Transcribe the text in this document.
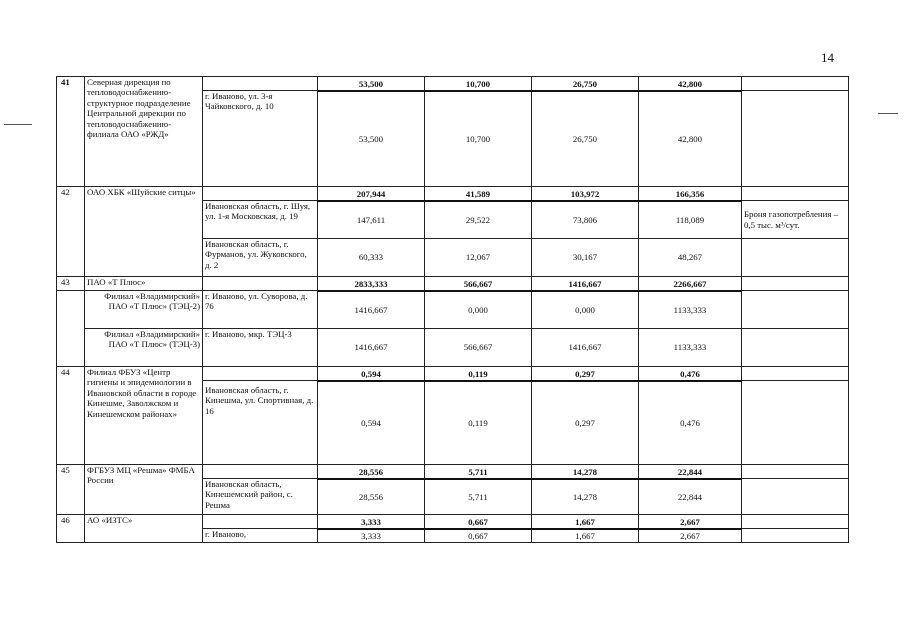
14
41	Северная дирекция по тепловодоснабжению-структурное подразделение Центральной дирекции по тепловодоснабжению-филиала ОАО «РЖД»		53,500	10,700	26,750	42,800	
		г. Иваново, ул. 3-я Чайковского, д. 10	53,500	10,700	26,750	42,800	
42	ОАО ХБК «Шуйские ситцы»		207,944	41,589	103,972	166,356	
		Ивановская область, г. Шуя, ул. 1-я Московская, д. 19	147,611	29,522	73,806	118,089	Броня газопотребления – 0,5 тыс. м³/сут.
		Ивановская область, г. Фурманов, ул. Жуковского, д. 2	60,333	12,067	30,167	48,267	
43	ПАО «Т Плюс»		2833,333	566,667	1416,667	2266,667	
	Филиал «Владимирский» ПАО «Т Плюс» (ТЭЦ-2)	г. Иваново, ул. Суворова, д. 76	1416,667	0,000	0,000	1133,333	
	Филиал «Владимирский» ПАО «Т Плюс» (ТЭЦ-3)	г. Иваново, мкр. ТЭЦ-3	1416,667	566,667	1416,667	1133,333	
44	Филиал ФБУЗ «Центр гигиены и эпидемиологии в Ивановской области в городе Кинешме, Заволжском и Кинешемском районах»		0,594	0,119	0,297	0,476	
		Ивановская область, г. Кинешма, ул. Спортивная, д. 16	0,594	0,119	0,297	0,476	
45	ФГБУЗ МЦ «Решма» ФМБА России		28,556	5,711	14,278	22,844	
		Ивановская область, Кинешемский район, с. Решма	28,556	5,711	14,278	22,844	
46	АО «ИЗТС»		3,333	0,667	1,667	2,667	
		г. Иваново,	3,333	0,667	1,667	2,667	
